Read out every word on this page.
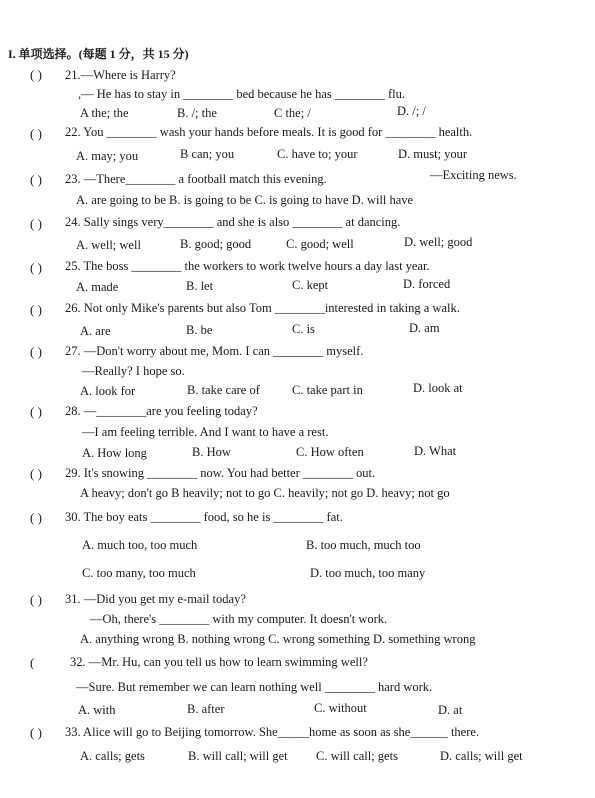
I. 单项选择。(每题 1 分，共 15 分)
( ) 21.—Where is Harry?
,— He has to stay in ________ bed because he has ________ flu.
A the; the	B. /; the	C the; /	D. /; /
( ) 22. You ________ wash your hands before meals. It is good for ________ health.
A. may; you	B can; you	C. have to; your	D. must; your
( ) 23. —There________ a football match this evening.	—Exciting news.
A. are going to be B. is going to be C. is going to have D. will have
( ) 24. Sally sings very________ and she is also ________ at dancing.
A. well; well	B. good; good	C. good; well	D. well; good
( ) 25. The boss ________ the workers to work twelve hours a day last year.
A. made	B. let	C. kept	D. forced
( ) 26. Not only Mike's parents but also Tom ________interested in taking a walk.
A. are	B. be	C. is	D. am
( ) 27. —Don't worry about me, Mom. I can ________ myself.
—Really? I hope so.
A. look for	B. take care of	C. take part in	D. look at
( ) 28. —________are you feeling today?
—I am feeling terrible. And I want to have a rest.
A. How long	B. How	C. How often	D. What
( ) 29. It's snowing ________ now. You had better ________ out.
A heavy; don't go B heavily; not to go C. heavily; not go D. heavy; not go
( ) 30. The boy eats ________ food, so he is ________ fat.
A. much too, too much	B. too much, much too
C. too many, too much	D. too much, too many
( ) 31. —Did you get my e-mail today?
—Oh, there's ________ with my computer. It doesn't work.
A. anything wrong B. nothing wrong C. wrong something D. something wrong
(	32. —Mr. Hu, can you tell us how to learn swimming well?
—Sure. But remember we can learn nothing well ________ hard work.
A. with	B. after	C. without	D. at
( ) 33. Alice will go to Beijing tomorrow. She_____home as soon as she______ there.
A. calls; gets	B. will call; will get C. will call; gets	D. calls; will get
